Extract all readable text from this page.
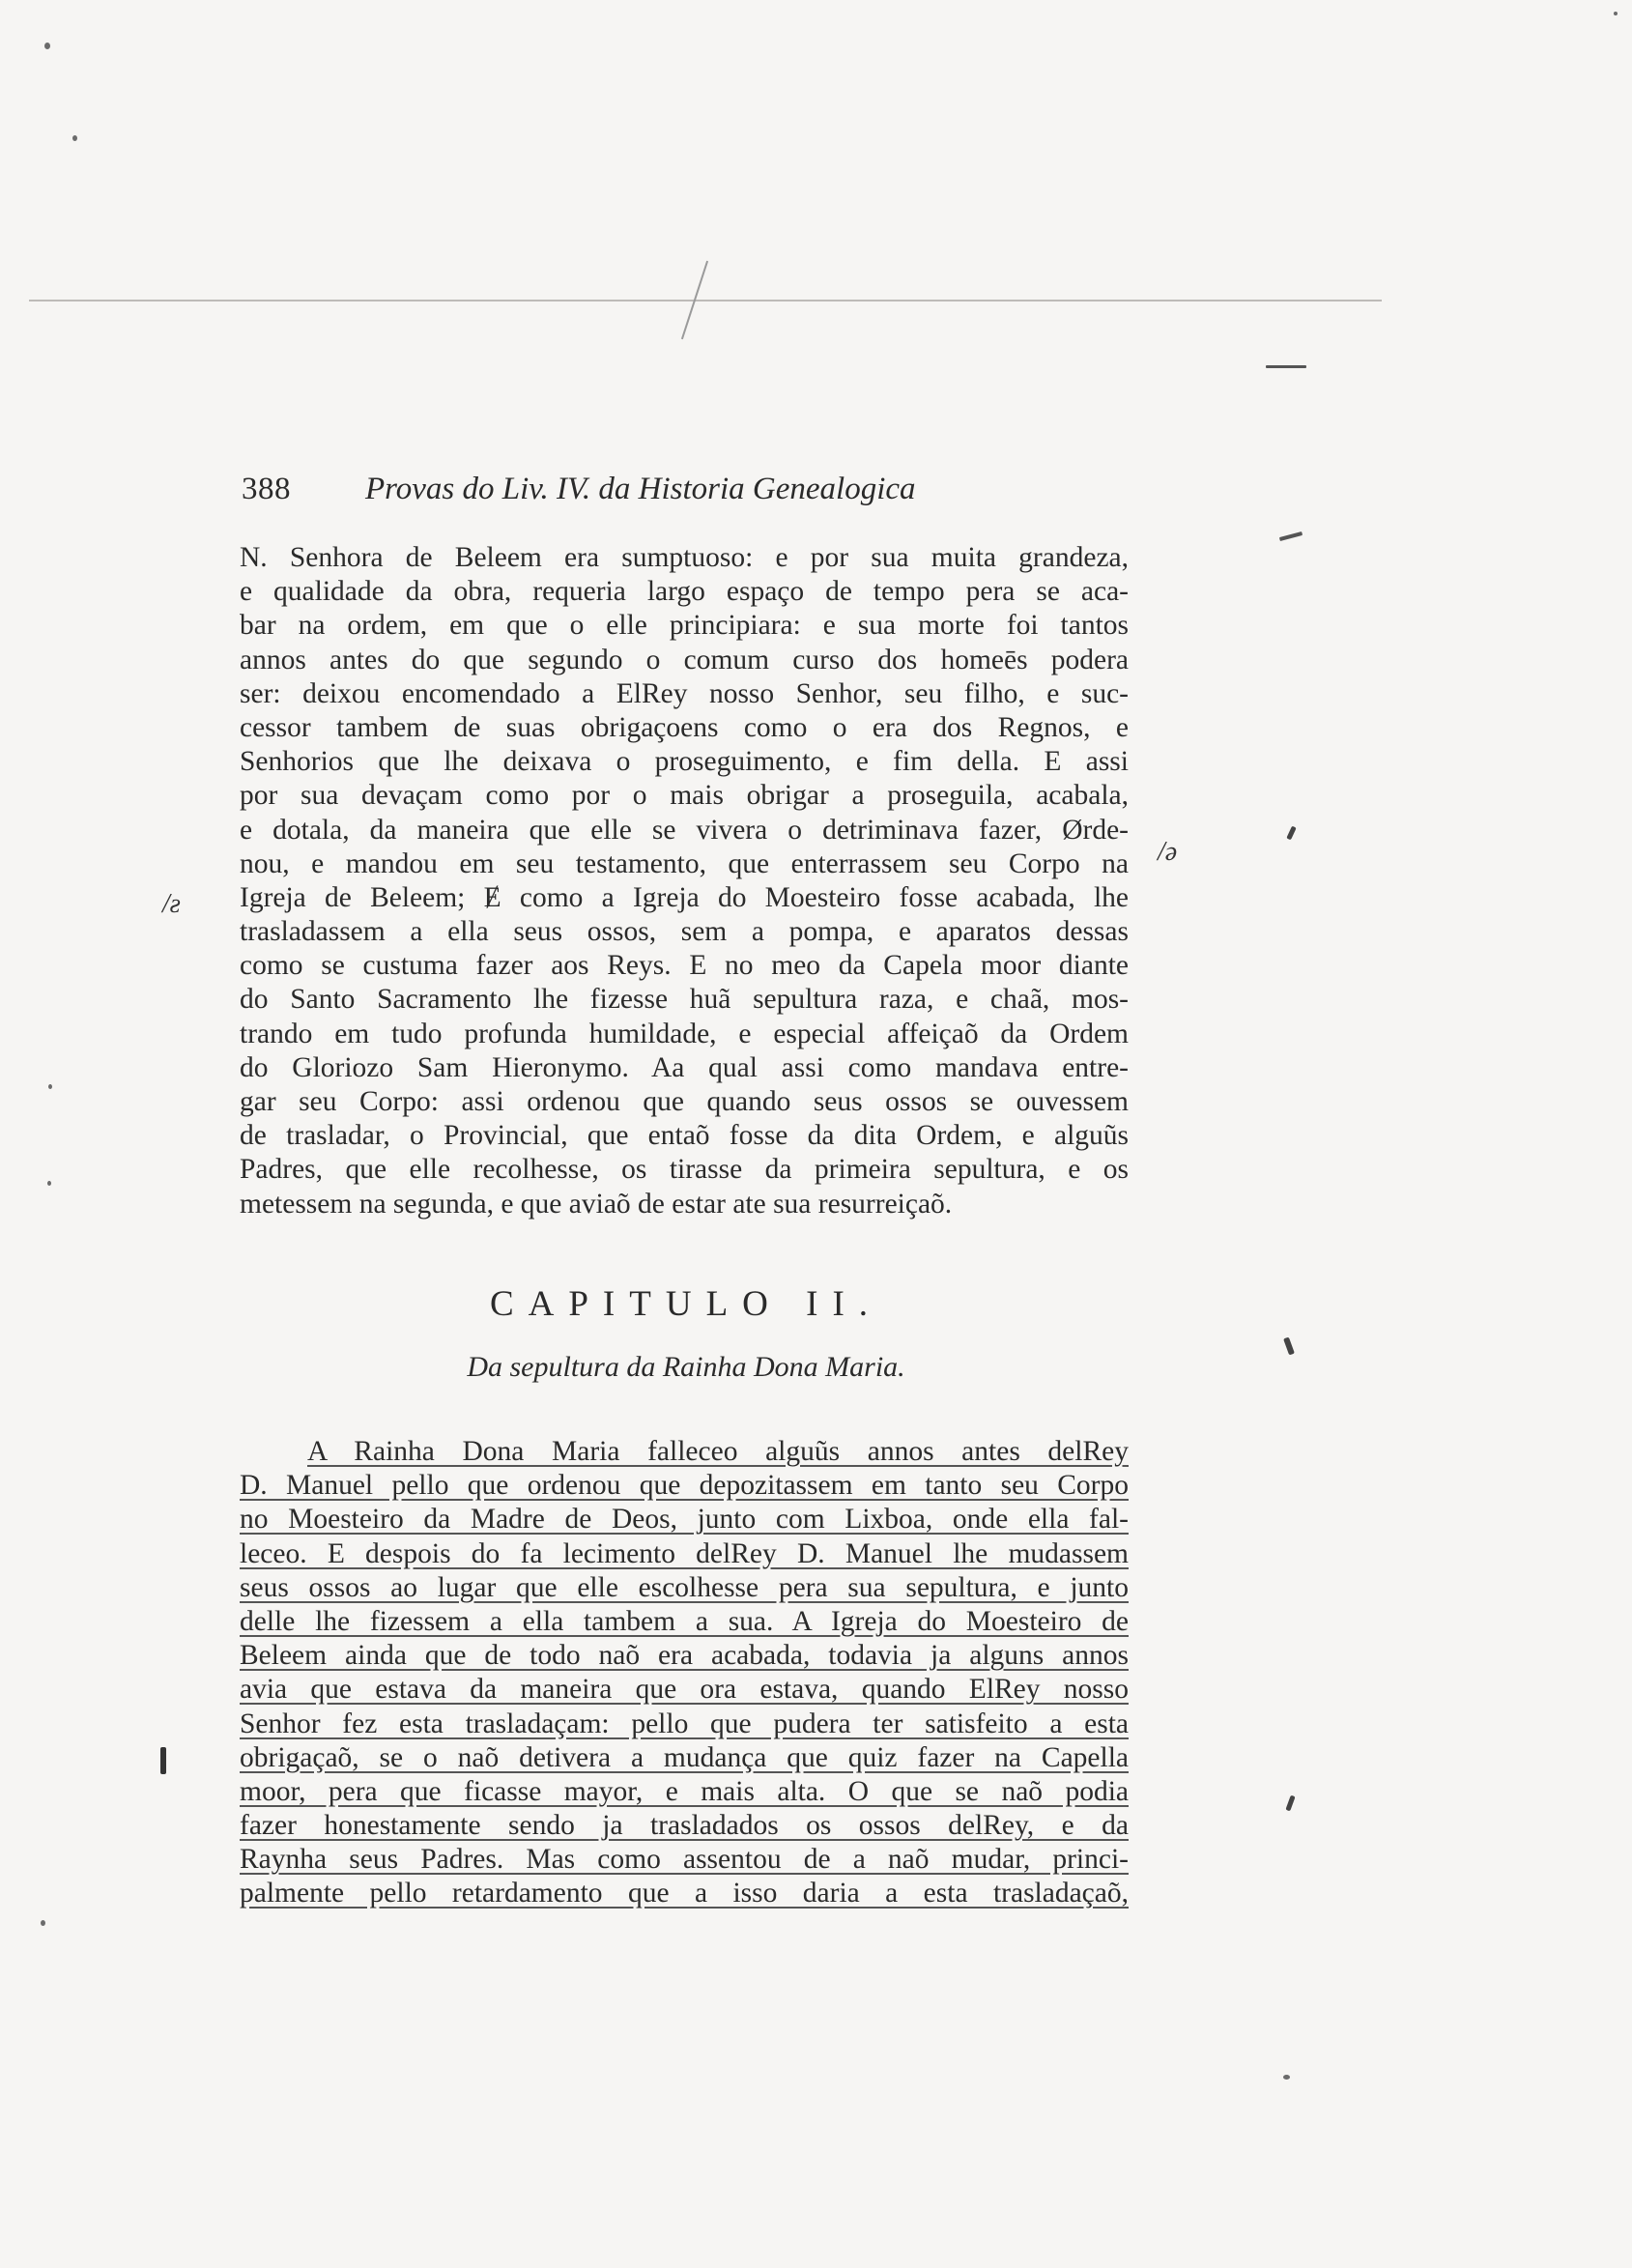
388 Provas do Liv. IV. da Historia Genealogica
N. Senhora de Beleem era sumptuoso: e por sua muita grandeza,
e qualidade da obra, requeria largo espaço de tempo pera se aca-
bar na ordem, em que o elle principiara: e sua morte foi tantos
annos antes do que segundo o comum curso dos homeēs podera
ser: deixou encomendado a ElRey nosso Senhor, seu filho, e suc-
cessor tambem de suas obrigaçoens como o era dos Regnos, e
Senhorios que lhe deixava o proseguimento, e fim della. E assi
por sua devaçam como por o mais obrigar a proseguila, acabala,
e dotala, da maneira que elle se vivera o detriminava fazer, Ørde-
nou, e mandou em seu testamento, que enterrassem seu Corpo na
Igreja de Beleem; Ɇ como a Igreja do Moesteiro fosse acabada, lhe
trasladassem a ella seus ossos, sem a pompa, e aparatos dessas
como se custuma fazer aos Reys. E no meo da Capela moor diante
do Santo Sacramento lhe fizesse huã sepultura raza, e chaã, mos-
trando em tudo profunda humildade, e especial affeiçaõ da Ordem
do Gloriozo Sam Hieronymo. Aa qual assi como mandava entre-
gar seu Corpo: assi ordenou que quando seus ossos se ouvessem
de trasladar, o Provincial, que entaõ fosse da dita Ordem, e alguũs
Padres, que elle recolhesse, os tirasse da primeira sepultura, e os
metessem na segunda, e que aviaõ de estar ate sua resurreiçaõ.
/ǝ
/ƨ
CAPITULO II.
Da sepultura da Rainha Dona Maria.
A Rainha Dona Maria falleceo alguũs annos antes delRey
D. Manuel pello que ordenou que depozitassem em tanto seu Corpo
no Moesteiro da Madre de Deos, junto com Lixboa, onde ella fal-
leceo. E despois do fa lecimento delRey D. Manuel lhe mudassem
seus ossos ao lugar que elle escolhesse pera sua sepultura, e junto
delle lhe fizessem a ella tambem a sua. A Igreja do Moesteiro de
Beleem ainda que de todo naõ era acabada, todavia ja alguns annos
avia que estava da maneira que ora estava, quando ElRey nosso
Senhor fez esta trasladaçam: pello que pudera ter satisfeito a esta
obrigaçaõ, se o naõ detivera a mudança que quiz fazer na Capella
moor, pera que ficasse mayor, e mais alta. O que se naõ podia
fazer honestamente sendo ja trasladados os ossos delRey, e da
Raynha seus Padres. Mas como assentou de a naõ mudar, princi-
palmente pello retardamento que a isso daria a esta trasladaçaõ,
